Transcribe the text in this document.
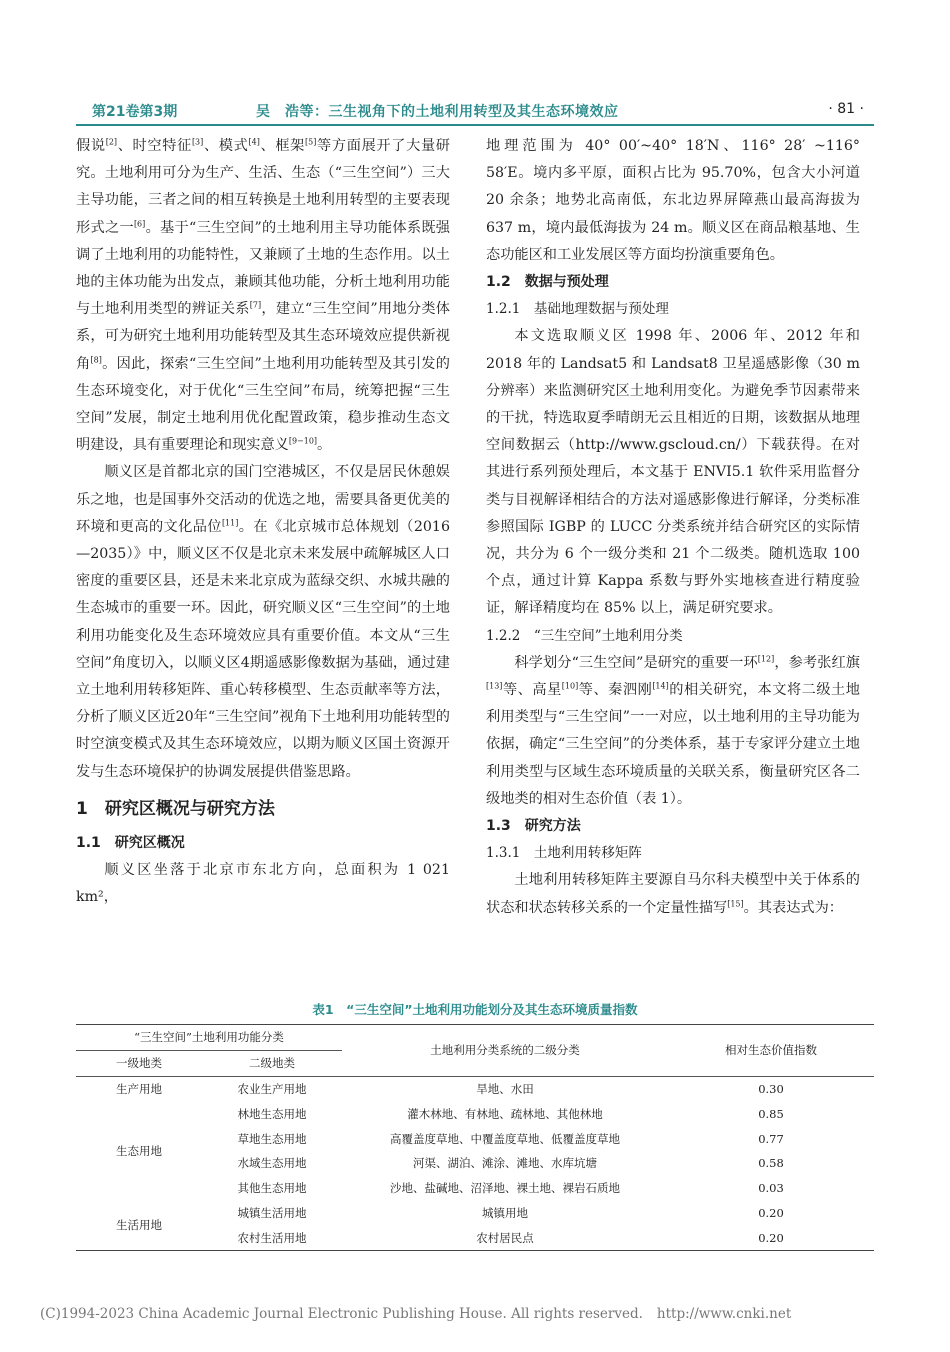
第21卷第3期	吴　浩等：三生视角下的土地利用转型及其生态环境效应	· 81 ·

假说[2]、时空特征[3]、模式[4]、框架[5]等方面展开了大量研究。土地利用可分为生产、生活、生态（“三生空间”）三大主导功能，三者之间的相互转换是土地利用转型的主要表现形式之一[6]。基于“三生空间”的土地利用主导功能体系既强调了土地利用的功能特性，又兼顾了土地的生态作用。以土地的主体功能为出发点，兼顾其他功能，分析土地利用功能与土地利用类型的辨证关系[7]，建立“三生空间”用地分类体系，可为研究土地利用功能转型及其生态环境效应提供新视角[8]。因此，探索“三生空间”土地利用功能转型及其引发的生态环境变化，对于优化“三生空间”布局，统筹把握“三生空间”发展，制定土地利用优化配置政策，稳步推动生态文明建设，具有重要理论和现实意义[9−10]。

顺义区是首都北京的国门空港城区，不仅是居民休憩娱乐之地，也是国事外交活动的优选之地，需要具备更优美的环境和更高的文化品位[11]。在《北京城市总体规划（2016—2035）》中，顺义区不仅是北京未来发展中疏解城区人口密度的重要区县，还是未来北京成为蓝绿交织、水城共融的生态城市的重要一环。因此，研究顺义区“三生空间”的土地利用功能变化及生态环境效应具有重要价值。本文从“三生空间”角度切入，以顺义区4期遥感影像数据为基础，通过建立土地利用转移矩阵、重心转移模型、生态贡献率等方法，分析了顺义区近20年“三生空间”视角下土地利用功能转型的时空演变模式及其生态环境效应，以期为顺义区国土资源开发与生态环境保护的协调发展提供借鉴思路。

1　研究区概况与研究方法
1.1　研究区概况

顺义区坐落于北京市东北方向，总面积为 1 021 km²，

地理范围为 40° 00′~40° 18′N、116° 28′ ~116° 58′E。境内多平原，面积占比为 95.70%，包含大小河道 20 余条；地势北高南低，东北边界屏障燕山最高海拔为 637 m，境内最低海拔为 24 m。顺义区在商品粮基地、生态功能区和工业发展区等方面均扮演重要角色。

1.2　数据与预处理
1.2.1　基础地理数据与预处理

本文选取顺义区 1998 年、2006 年、2012 年和 2018 年的 Landsat5 和 Landsat8 卫星遥感影像（30 m 分辨率）来监测研究区土地利用变化。为避免季节因素带来的干扰，特选取夏季晴朗无云且相近的日期，该数据从地理空间数据云（http://www.gscloud.cn/）下载获得。在对其进行系列预处理后，本文基于 ENVI5.1 软件采用监督分类与目视解译相结合的方法对遥感影像进行解译，分类标准参照国际 IGBP 的 LUCC 分类系统并结合研究区的实际情况，共分为 6 个一级分类和 21 个二级类。随机选取 100 个点，通过计算 Kappa 系数与野外实地核查进行精度验证，解译精度均在 85% 以上，满足研究要求。

1.2.2　“三生空间”土地利用分类

科学划分“三生空间”是研究的重要一环[12]，参考张红旗[13]等、高星[10]等、秦泗刚[14]的相关研究，本文将二级土地利用类型与“三生空间”一一对应，以土地利用的主导功能为依据，确定“三生空间”的分类体系，基于专家评分建立土地利用类型与区域生态环境质量的关联关系，衡量研究区各二级地类的相对生态价值（表 1）。

1.3　研究方法
1.3.1　土地利用转移矩阵

土地利用转移矩阵主要源自马尔科夫模型中关于体系的状态和状态转移关系的一个定量性描写[15]。其表达式为：

表1　“三生空间”土地利用功能划分及其生态环境质量指数
“三生空间”土地利用功能分类		土地利用分类系统的二级分类	相对生态价值指数
一级地类	二级地类		
生产用地	农业生产用地	旱地、水田	0.30
生态用地	林地生态用地	灌木林地、有林地、疏林地、其他林地	0.85
	草地生态用地	高覆盖度草地、中覆盖度草地、低覆盖度草地	0.77
	水域生态用地	河渠、湖泊、滩涂、滩地、水库坑塘	0.58
	其他生态用地	沙地、盐碱地、沼泽地、裸土地、裸岩石质地	0.03
生活用地	城镇生活用地	城镇用地	0.20
	农村生活用地	农村居民点	0.20
(C)1994-2023 China Academic Journal Electronic Publishing House. All rights reserved. http://www.cnki.net
